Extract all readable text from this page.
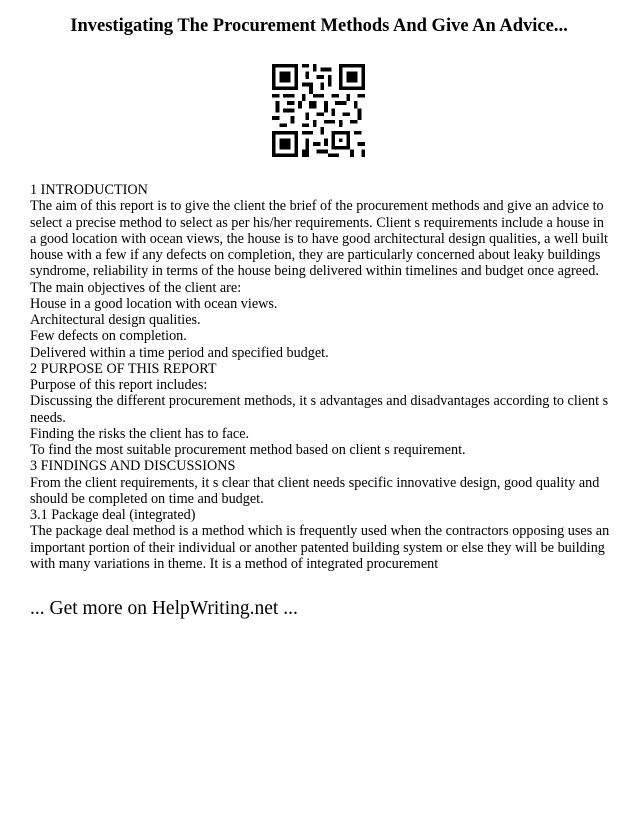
Investigating The Procurement Methods And Give An Advice...

1 INTRODUCTION

The aim of this report is to give the client the brief of the procurement methods and give an advice to select a precise method to select as per his/her requirements. Client s requirements include a house in a good location with ocean views, the house is to have good architectural design qualities, a well built house with a few if any defects on completion, they are particularly concerned about leaky buildings syndrome, reliability in terms of the house being delivered within timelines and budget once agreed.

The main objectives of the client are:

House in a good location with ocean views.

Architectural design qualities.

Few defects on completion.

Delivered within a time period and specified budget.

2 PURPOSE OF THIS REPORT

Purpose of this report includes:

Discussing the different procurement methods, it s advantages and disadvantages according to client s needs.

Finding the risks the client has to face.

To find the most suitable procurement method based on client s requirement.

3 FINDINGS AND DISCUSSIONS

From the client requirements, it s clear that client needs specific innovative design, good quality and should be completed on time and budget.

3.1 Package deal (integrated)

The package deal method is a method which is frequently used when the contractors opposing uses an important portion of their individual or another patented building system or else they will be building with many variations in theme. It is a method of integrated procurement

... Get more on HelpWriting.net ...
